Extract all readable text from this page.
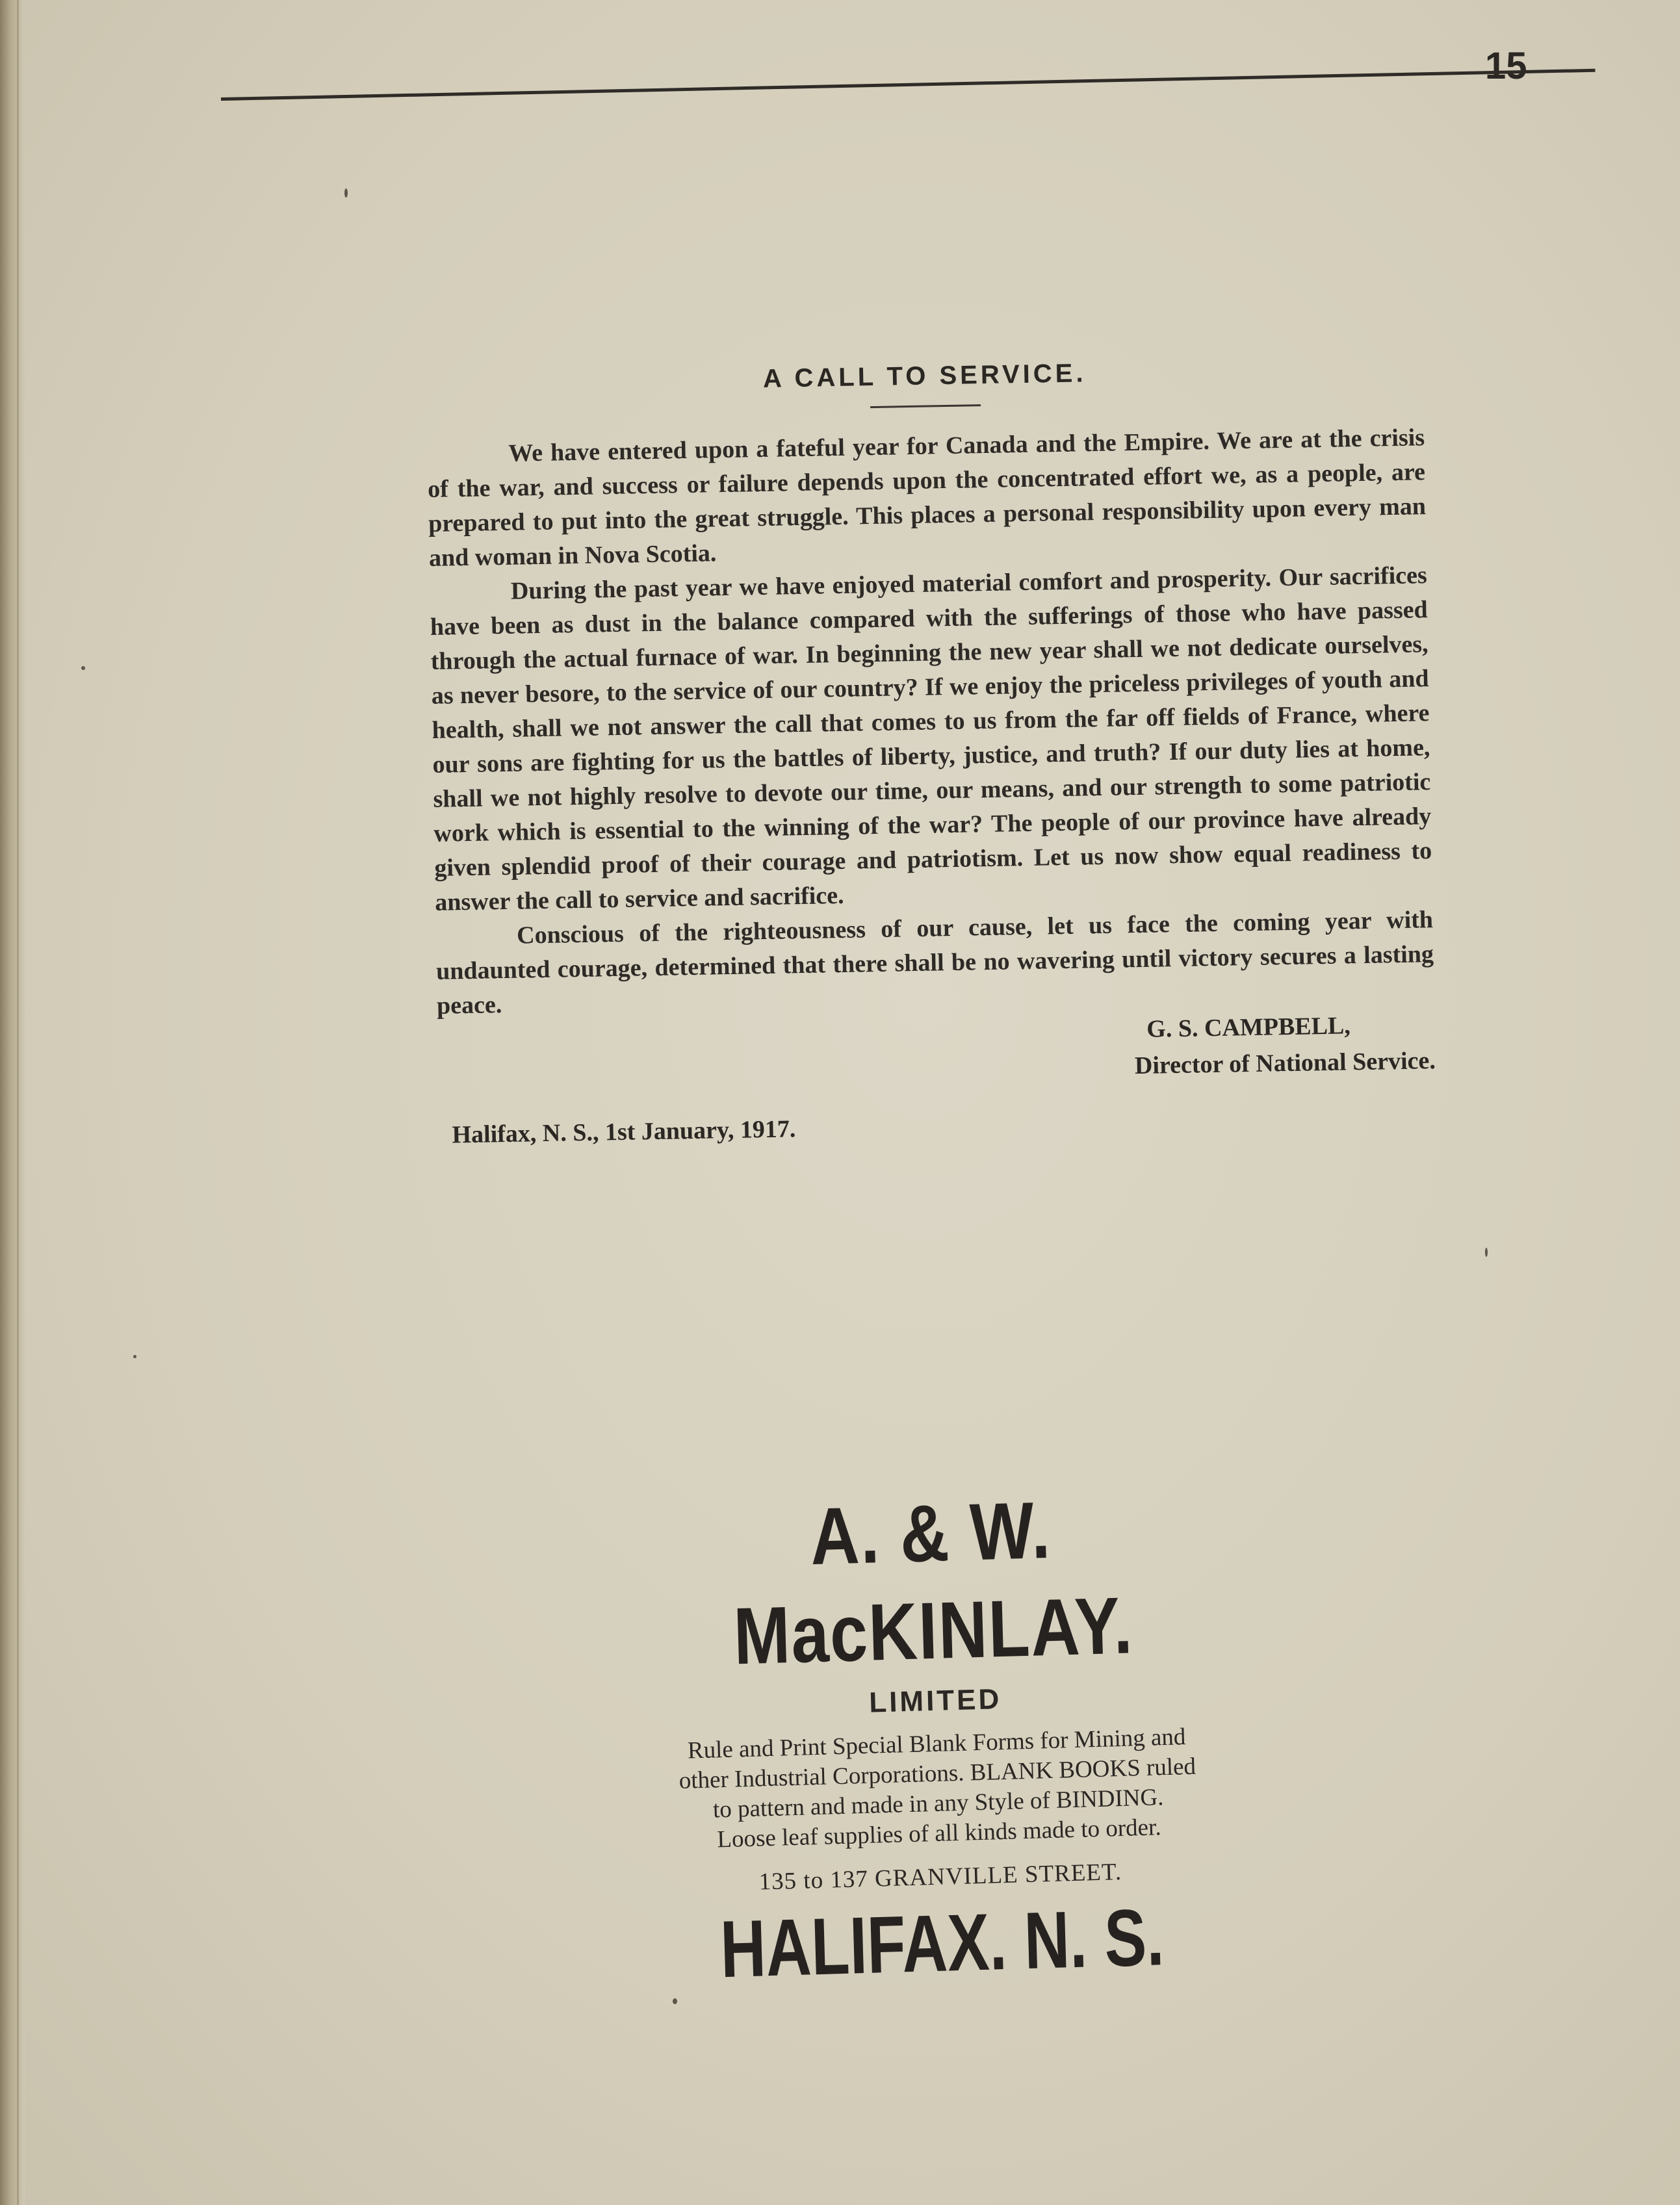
15
A CALL TO SERVICE.

We have entered upon a fateful year for Canada and the Empire. We are at the crisis of the war, and success or failure depends upon the concentrated effort we, as a people, are prepared to put into the great struggle. This places a personal responsibility upon every man and woman in Nova Scotia.

During the past year we have enjoyed material comfort and prosperity. Our sacrifices have been as dust in the balance compared with the sufferings of those who have passed through the actual furnace of war. In beginning the new year shall we not dedicate ourselves, as never besore, to the service of our country? If we enjoy the priceless privileges of youth and health, shall we not answer the call that comes to us from the far off fields of France, where our sons are fighting for us the battles of liberty, justice, and truth? If our duty lies at home, shall we not highly resolve to devote our time, our means, and our strength to some patriotic work which is essential to the winning of the war? The people of our province have already given splendid proof of their courage and patriotism. Let us now show equal readiness to answer the call to service and sacrifice.

Conscious of the righteousness of our cause, let us face the coming year with undaunted courage, determined that there shall be no wavering until victory secures a lasting peace.

G. S. CAMPBELL,
Director of National Service.
Halifax, N. S., 1st January, 1917.
A. & W. MacKINLAY.
LIMITED

Rule and Print Special Blank Forms for Mining and

other Industrial Corporations. BLANK BOOKS ruled

to pattern and made in any Style of BINDING.

Loose leaf supplies of all kinds made to order.

135 to 137 GRANVILLE STREET.
HALIFAX. N. S.
